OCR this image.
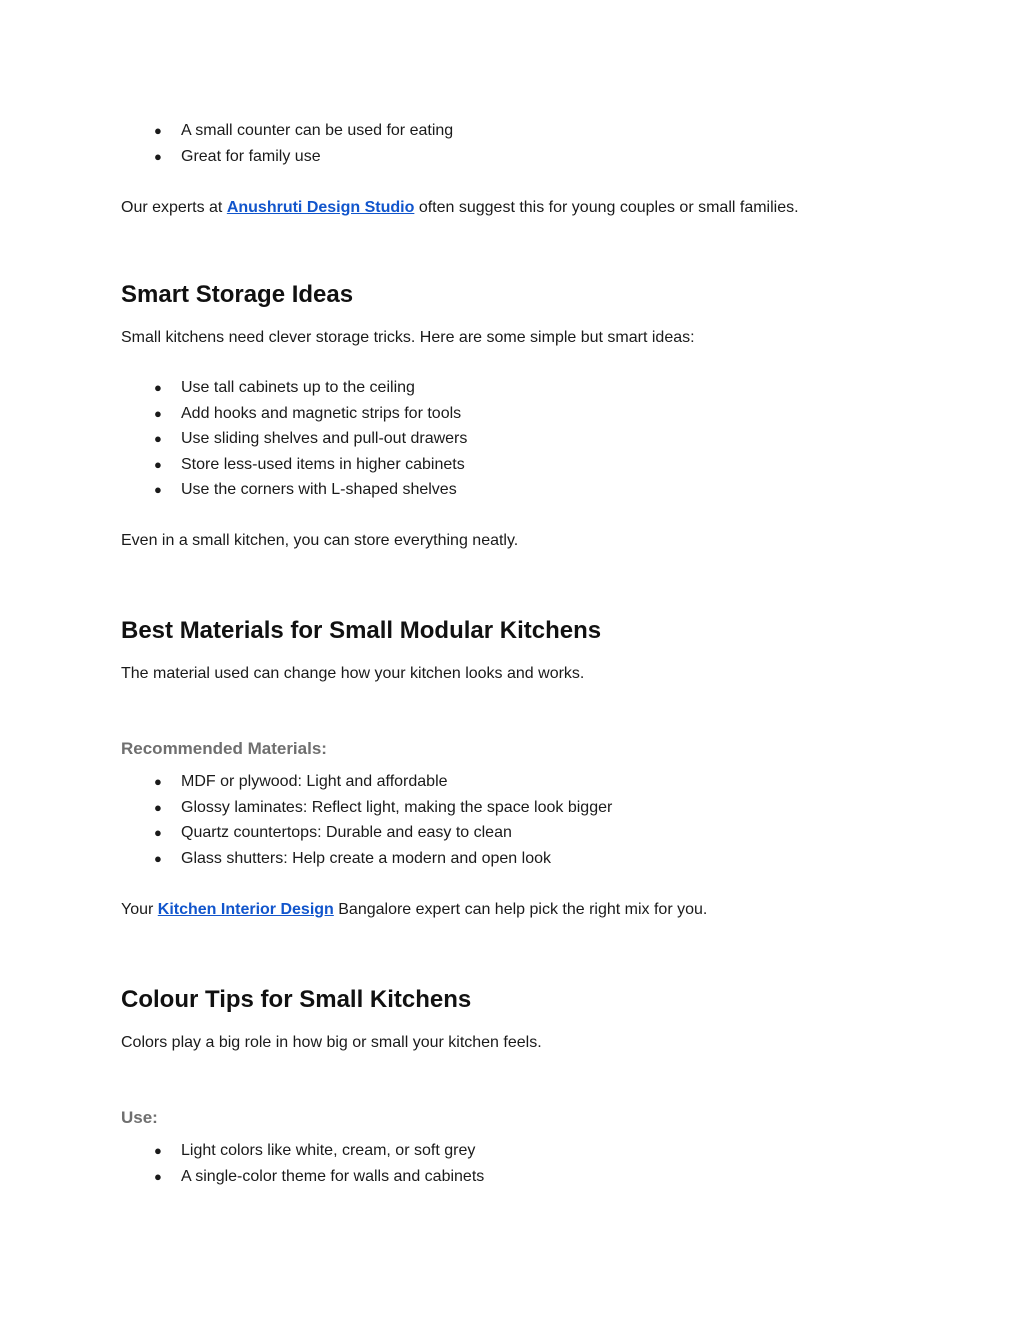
● A small counter can be used for eating
● Great for family use
Our experts at Anushruti Design Studio often suggest this for young couples or small families.
Smart Storage Ideas
Small kitchens need clever storage tricks. Here are some simple but smart ideas:
● Use tall cabinets up to the ceiling
● Add hooks and magnetic strips for tools
● Use sliding shelves and pull-out drawers
● Store less-used items in higher cabinets
● Use the corners with L-shaped shelves
Even in a small kitchen, you can store everything neatly.
Best Materials for Small Modular Kitchens
The material used can change how your kitchen looks and works.
Recommended Materials:
● MDF or plywood: Light and affordable
● Glossy laminates: Reflect light, making the space look bigger
● Quartz countertops: Durable and easy to clean
● Glass shutters: Help create a modern and open look
Your Kitchen Interior Design Bangalore expert can help pick the right mix for you.
Colour Tips for Small Kitchens
Colors play a big role in how big or small your kitchen feels.
Use:
● Light colors like white, cream, or soft grey
● A single-color theme for walls and cabinets
